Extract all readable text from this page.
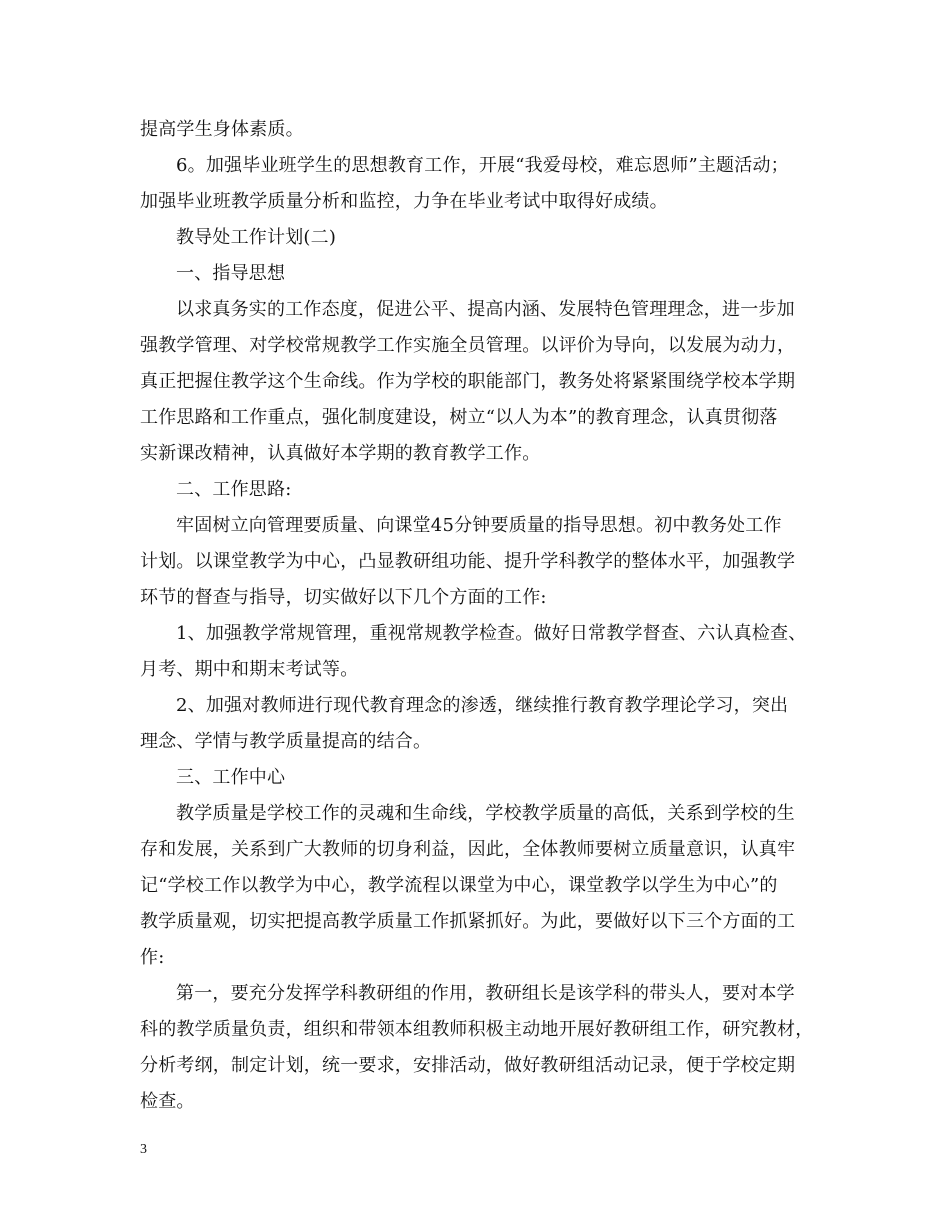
提高学生身体素质。
6。加强毕业班学生的思想教育工作，开展“我爱母校，难忘恩师”主题活动；
加强毕业班教学质量分析和监控，力争在毕业考试中取得好成绩。
教导处工作计划(二)
一、指导思想
以求真务实的工作态度，促进公平、提高内涵、发展特色管理理念，进一步加
强教学管理、对学校常规教学工作实施全员管理。以评价为导向，以发展为动力，
真正把握住教学这个生命线。作为学校的职能部门，教务处将紧紧围绕学校本学期
工作思路和工作重点，强化制度建设，树立“以人为本”的教育理念，认真贯彻落
实新课改精神，认真做好本学期的教育教学工作。
二、工作思路:
牢固树立向管理要质量、向课堂45分钟要质量的指导思想。初中教务处工作
计划。以课堂教学为中心，凸显教研组功能、提升学科教学的整体水平，加强教学
环节的督查与指导，切实做好以下几个方面的工作:
1、加强教学常规管理，重视常规教学检查。做好日常教学督查、六认真检查、
月考、期中和期末考试等。
2、加强对教师进行现代教育理念的渗透，继续推行教育教学理论学习，突出
理念、学情与教学质量提高的结合。
三、工作中心
教学质量是学校工作的灵魂和生命线，学校教学质量的高低，关系到学校的生
存和发展，关系到广大教师的切身利益，因此，全体教师要树立质量意识，认真牢
记“学校工作以教学为中心，教学流程以课堂为中心，课堂教学以学生为中心”的
教学质量观，切实把提高教学质量工作抓紧抓好。为此，要做好以下三个方面的工
作:
第一，要充分发挥学科教研组的作用，教研组长是该学科的带头人，要对本学
科的教学质量负责，组织和带领本组教师积极主动地开展好教研组工作，研究教材，
分析考纲，制定计划，统一要求，安排活动，做好教研组活动记录，便于学校定期
检查。
3
